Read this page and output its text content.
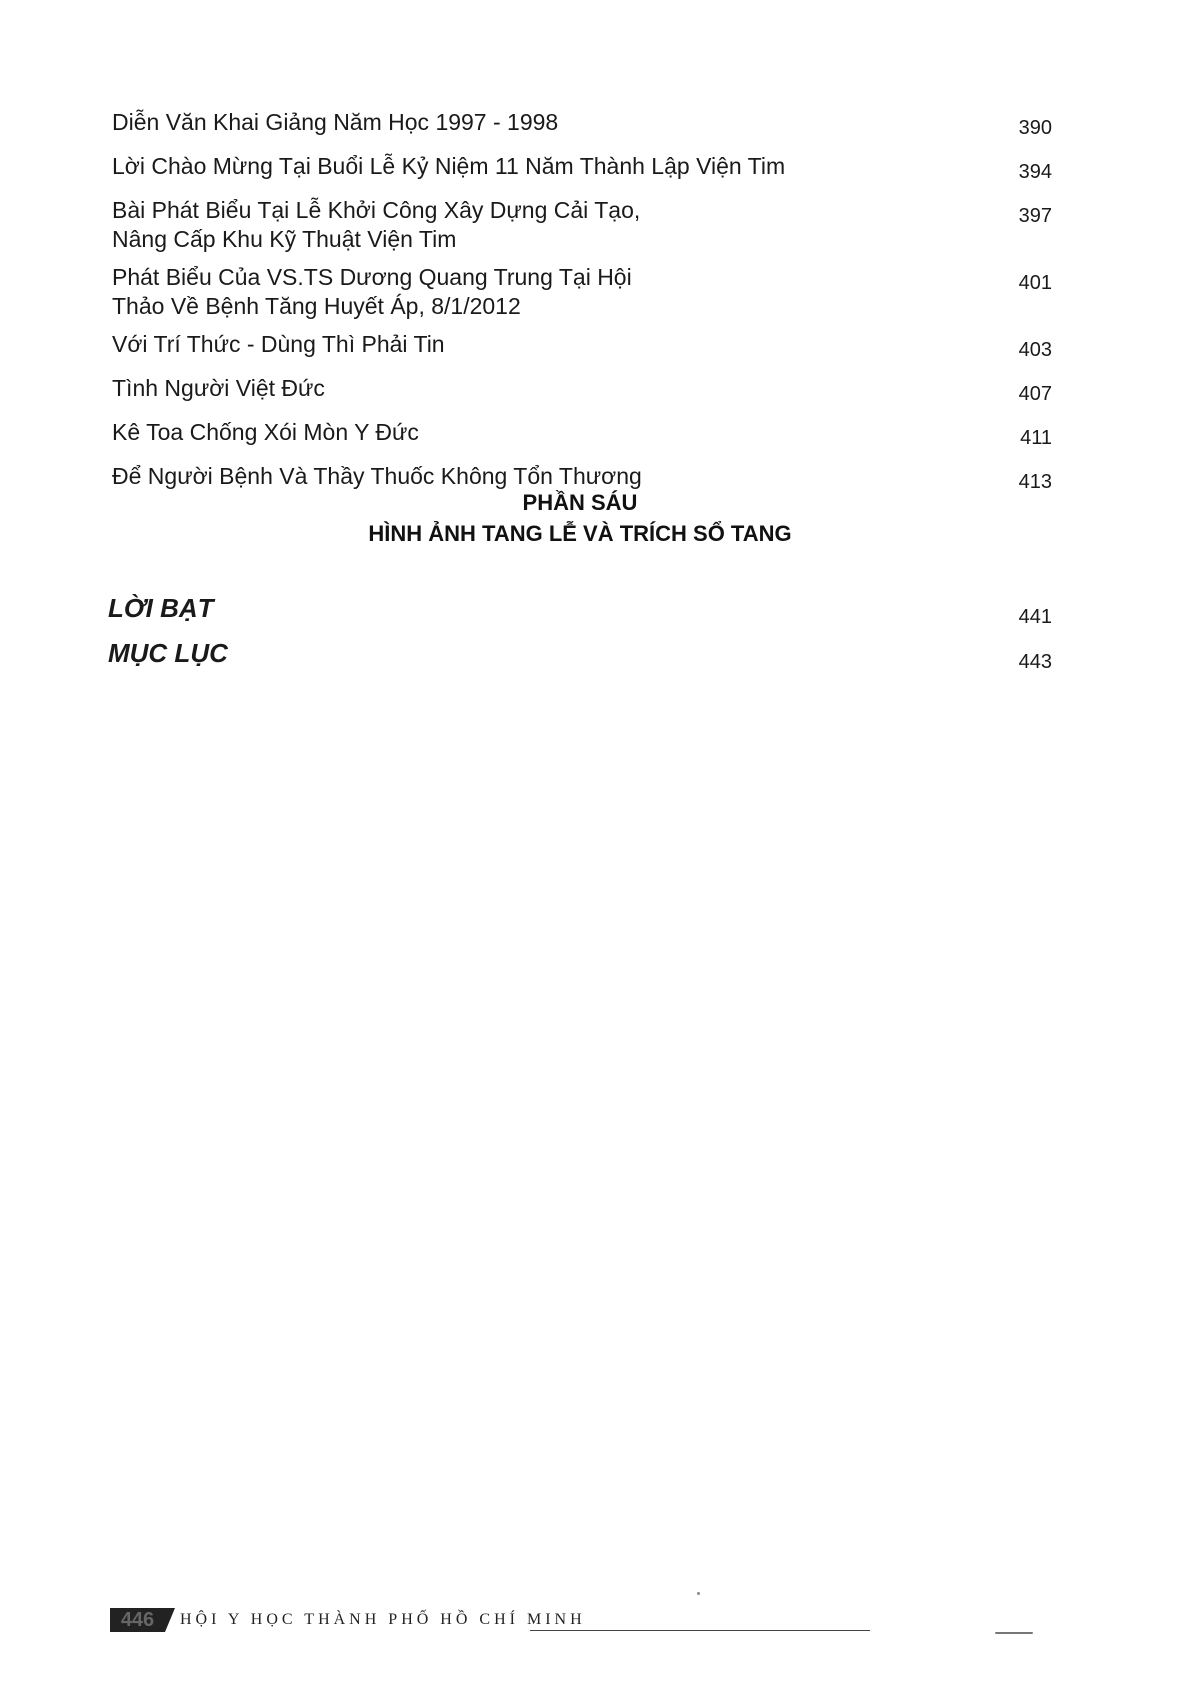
Diễn Văn Khai Giảng Năm Học 1997 - 1998	390
Lời Chào Mừng Tại Buổi Lễ Kỷ Niệm 11 Năm Thành Lập Viện Tim	394
Bài Phát Biểu Tại Lễ Khởi Công Xây Dựng Cải Tạo,
Nâng Cấp Khu Kỹ Thuật Viện Tim
397
Phát Biểu Của VS.TS Dương Quang Trung Tại Hội
Thảo Về Bệnh Tăng Huyết Áp, 8/1/2012
401
Với Trí Thức - Dùng Thì Phải Tin	403
Tình Người Việt Đức	407
Kê Toa Chống Xói Mòn Y Đức	411
Để Người Bệnh Và Thầy Thuốc Không Tổn Thương	413
PHẦN SÁU
HÌNH ẢNH TANG LỄ VÀ TRÍCH SỔ TANG
LỜI BẠT	441
MỤC LỤC	443
446	HỘI Y HỌC THÀNH PHỐ HỒ CHÍ MINH
